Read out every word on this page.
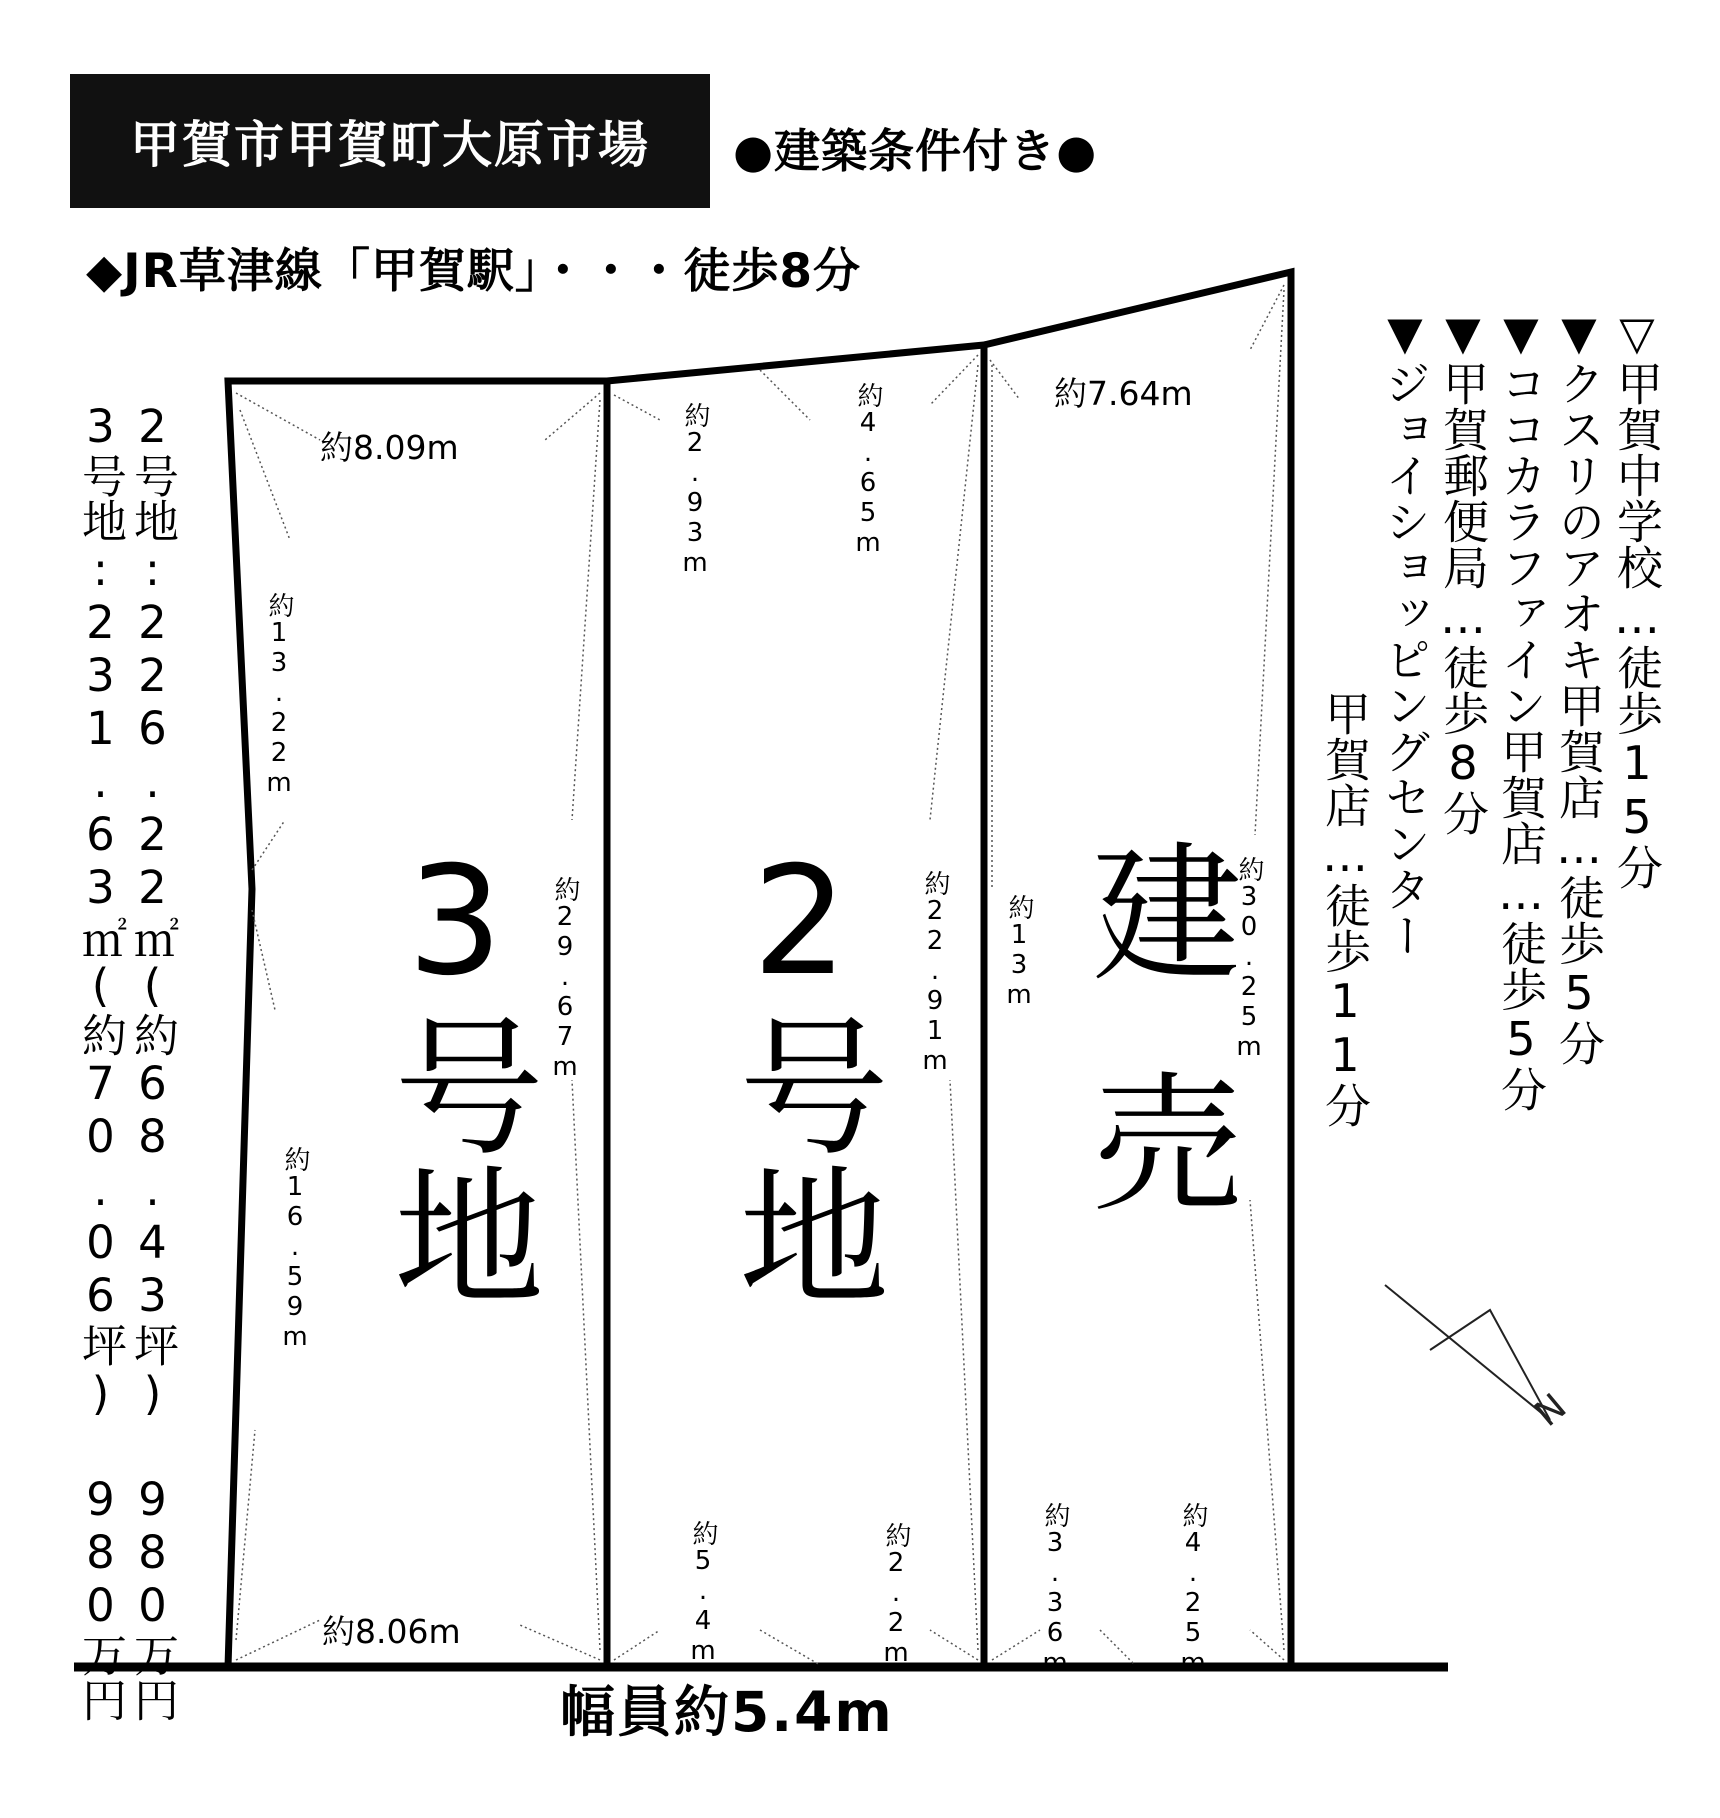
甲賀市甲賀町大原市場	●建築条件付き●
◆JR草津線「甲賀駅」・・・徒歩8分
2号地:226.22㎡(約68.43坪) 980万円
3号地:231.63㎡(約70.06坪) 980万円	▽甲賀中学校…徒歩15分
▼クスリのアオキ甲賀店…徒歩5分
▼ココカラファイン甲賀店…徒歩5分
▼甲賀郵便局…徒歩8分
▼ジョイショッピングセンター
甲賀店…徒歩11分
N
3号地 2号地 建売
約8.09m
約8.06m
約7.64m
約13.22m
約16.59m
約29.67m
約2.93m	約4.65m
約22.91m
約5.4m	約2.2m
約13m	約30.25m
約3.36m	約4.25m
幅員約5.4m
